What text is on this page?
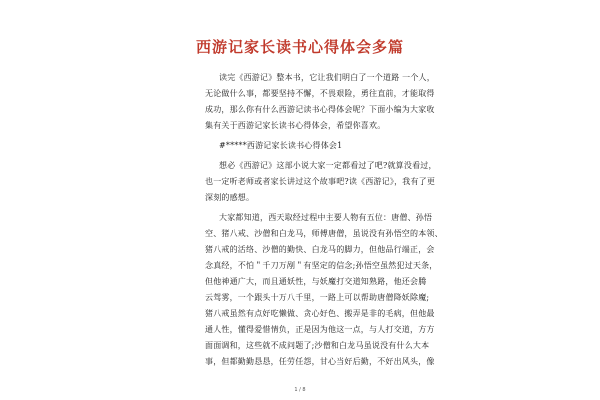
西游记家长读书心得体会多篇

读完《西游记》整本书，它让我们明白了一个道路 一个人，

无论做什么事，都要坚持不懈，不畏艰险，勇往直前，才能取得

成功，那么你有什么西游记读书心得体会呢？下面小编为大家收

集有关于西游记家长读书心得体会，希望你喜欢。

#*****西游记家长读书心得体会1

想必《西游记》这部小说大家一定都看过了吧?就算没看过，

也一定听老师或者家长讲过这个故事吧?读《西游记》，我有了更

深刻的感想。

大家都知道，西天取经过程中主要人物有五位：唐僧、孙悟

空、猪八戒、沙僧和白龙马，师傅唐僧，虽说没有孙悟空的本领、

猪八戒的活络、沙僧的勤快、白龙马的脚力，但他品行端正，会

念真经，不怕＂千刀万剐＂有坚定的信念;孙悟空虽然犯过天条，

但他神通广大，而且通妖性，与妖魔打交道知熟路，他还会腾

云驾雾，一个跟头十万八千里，一路上可以帮助唐僧降妖除魔;

猪八戒虽然有点好吃懒做、贪心好色、搬弄是非的毛病，但他最

通人性，懂得爱惜情负，正是因为他这一点，与人打交道，方方

面面调和，这些就不成问题了;沙僧和白龙马虽说没有什么大本

事，但都勤勤恳恳，任劳任怨，甘心当好后勤，不好出风头，像

1 / 8
